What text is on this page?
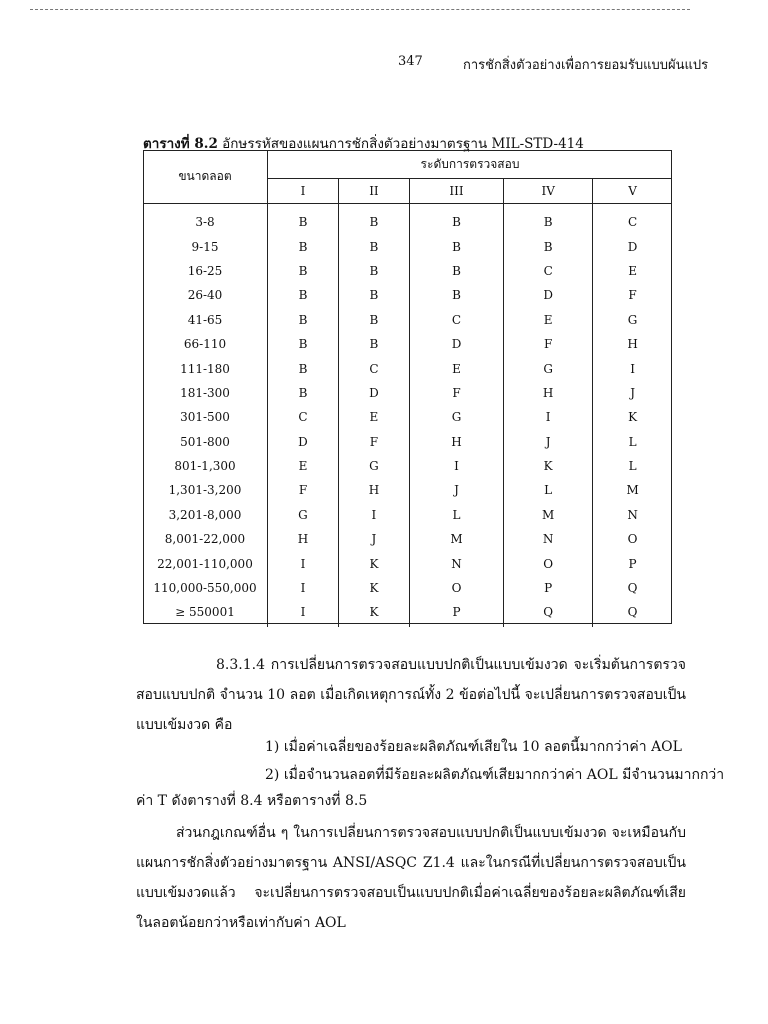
347	การชักสิ่งตัวอย่างเพื่อการยอมรับแบบผันแปร
ตารางที่ 8.2 อักษรรหัสของแผนการชักสิ่งตัวอย่างมาตรฐาน MIL-STD-414
ขนาดลอต	ระดับการตรวจสอบ				
	I	II	III	IV	V
3-8	B	B	B	B	C
9-15	B	B	B	B	D
16-25	B	B	B	C	E
26-40	B	B	B	D	F
41-65	B	B	C	E	G
66-110	B	B	D	F	H
111-180	B	C	E	G	I
181-300	B	D	F	H	J
301-500	C	E	G	I	K
501-800	D	F	H	J	L
801-1,300	E	G	I	K	L
1,301-3,200	F	H	J	L	M
3,201-8,000	G	I	L	M	N
8,001-22,000	H	J	M	N	O
22,001-110,000	I	K	N	O	P
110,000-550,000	I	K	O	P	Q
≥ 550001	I	K	P	Q	Q
8.3.1.4 การเปลี่ยนการตรวจสอบแบบปกติเป็นแบบเข้มงวด จะเริ่มต้นการตรวจสอบแบบปกติ จำนวน 10 ลอต เมื่อเกิดเหตุการณ์ทั้ง 2 ข้อต่อไปนี้ จะเปลี่ยนการตรวจสอบเป็นแบบเข้มงวด คือ
1) เมื่อค่าเฉลี่ยของร้อยละผลิตภัณฑ์เสียใน 10 ลอตนี้มากกว่าค่า AOL
2) เมื่อจำนวนลอตที่มีร้อยละผลิตภัณฑ์เสียมากกว่าค่า AOL มีจำนวนมากกว่า
ค่า T ดังตารางที่ 8.4 หรือตารางที่ 8.5
ส่วนกฎเกณฑ์อื่น ๆ ในการเปลี่ยนการตรวจสอบแบบปกติเป็นแบบเข้มงวด จะเหมือนกับแผนการชักสิ่งตัวอย่างมาตรฐาน ANSI/ASQC Z1.4 และในกรณีที่เปลี่ยนการตรวจสอบเป็นแบบเข้มงวดแล้ว จะเปลี่ยนการตรวจสอบเป็นแบบปกติเมื่อค่าเฉลี่ยของร้อยละผลิตภัณฑ์เสียในลอตน้อยกว่าหรือเท่ากับค่า AOL
